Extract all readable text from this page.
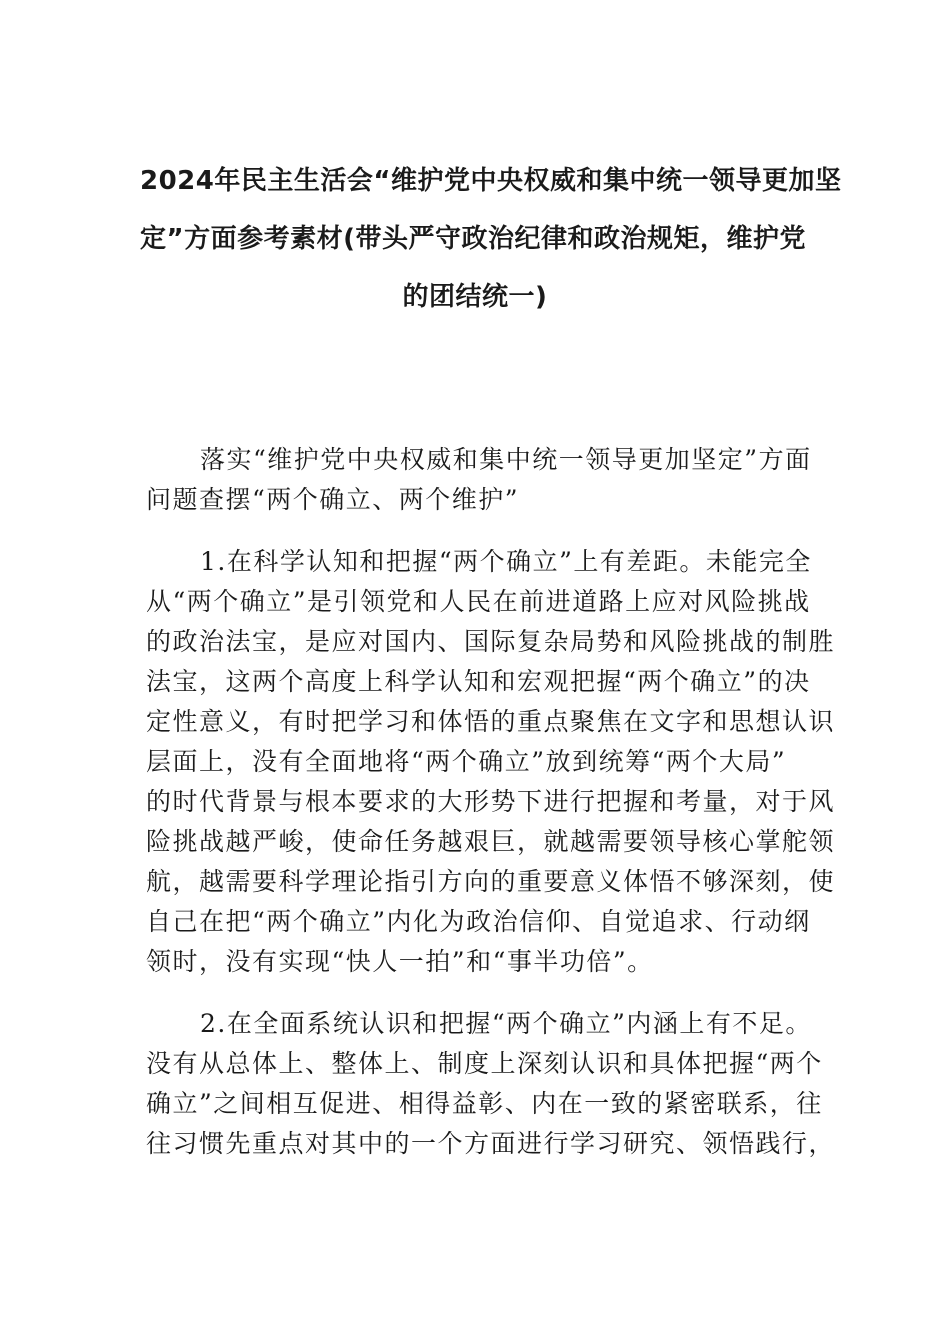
2024年民主生活会“维护党中央权威和集中统一领导更加坚
定”方面参考素材(带头严守政治纪律和政治规矩，维护党
的团结统一)
落实“维护党中央权威和集中统一领导更加坚定”方面
问题查摆“两个确立、两个维护”
1.在科学认知和把握“两个确立”上有差距。未能完全
从“两个确立”是引领党和人民在前进道路上应对风险挑战
的政治法宝，是应对国内、国际复杂局势和风险挑战的制胜
法宝，这两个高度上科学认知和宏观把握“两个确立”的决
定性意义，有时把学习和体悟的重点聚焦在文字和思想认识
层面上，没有全面地将“两个确立”放到统筹“两个大局”
的时代背景与根本要求的大形势下进行把握和考量，对于风
险挑战越严峻，使命任务越艰巨，就越需要领导核心掌舵领
航，越需要科学理论指引方向的重要意义体悟不够深刻，使
自己在把“两个确立”内化为政治信仰、自觉追求、行动纲
领时，没有实现“快人一拍”和“事半功倍”。
2.在全面系统认识和把握“两个确立”内涵上有不足。
没有从总体上、整体上、制度上深刻认识和具体把握“两个
确立”之间相互促进、相得益彰、内在一致的紧密联系，往
往习惯先重点对其中的一个方面进行学习研究、领悟践行，
